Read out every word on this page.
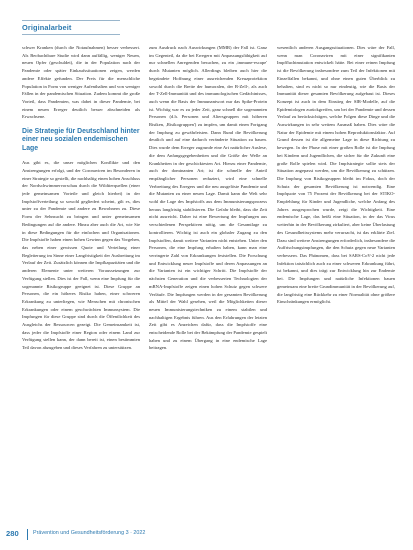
Originalarbeit

schwer Kranken (durch die Notaufnahmen) besser verbessert. Als Beobachtbare Studie wird dann auffällig, weniger Neuen, neuen Opfer (geschuldet), die in der Population nach der Pandemie oder später Einkaufssituationen zeigen, werden andere Effekte gefunden. Der Preis für die menschliche Population in Form von weniger Aufenthalten und von weniger Fällen in der pandemischen Situation. Zudem kommt die große Vorteil, dass Pandemien, was dabei in dieser Pandemie, bei einem neuen Erreger deutlich besser abschneiden als Erwachsene.

Die Strategie für Deutschland hinter einer neu sozialen endemischen Lage

Aus gibt es, die unser möglichen Konflikte und den Anstrengungen erfolgt, und der Coronaviren im Besonderen in einer Strategie so gestellt, die nachhaltig einen hohen Anschluss der Nordschwimmervorschau durch die Wildtierquellen (einer jede gemeinsamen Vorteile und gleich hierbei) in der Impfstoffverteilung so sowohl gegliedert scheint, gilt es, dies unter zu der Pandemie und andere zu Bewohnern zu. Diese Form der Sehnsucht zu bringen und unter gemeinsamen Bedingungen auf die andere. Hinzu aber auch die Art, wie Sie in diese Bedingungen für die einfachen und Organisationen. Die Impfstoffe haben einen hohen Gewinn gegen das Vorgehen, das neben einer gewissen Quote und Verteilung einer Begleiterung im Sinne einer Langfristigkeit der Ausbreitung im Verlauf der Zeit. Zusätzlich können die Impfkapazitäten und die anderen Elemente unter weiteren Voraussetzungen zur Verfügung stellen. Dies ist der Fall, wenn eine Impfung für die sogenannte Risikogruppe geeignet ist. Diese Gruppe an Personen, die ein höheres Risiko haben, einer schweren Erkrankung zu unterliegen, wie Menschen mit chronischen Erkrankungen oder einem geschwächten Immunsystem. Die Impfungen für diese Gruppe sind durch die Öffentlichkeit des Ausgleichs der Ressourcen gezeigt. Die Gemeinsamkeit ist, dass jeder die Impfstoffe einer Region oder einem Land zur Verfügung stellen kann, der dann bereit ist, einen bestimmten Teil davon abzugeben und dieses Verfahren zu unterstützen.

zum Ausdruck nach Auswirkungen (MMR) der Fall ist. Ganz im Gegenteil, da die bei Erregern mit Anpassungsfähigkeit auf nur schnellen Anregenden besuchen, zu ein ,immune-escape' durch Mutanten möglich. Allerdings bleiben auch hier die begründete Hoffnung einer ausreichenden Kreuzprotektion sowohl durch die Breite der humoralen, der B-Zell-, als auch der T-Zell-Immunität und des immunologischen Gedächtnisses, auch wenn die Basis der Immunantwort nur das Spike-Protein ist. Wichtig war es zu jeder Zeit, ganz schnell die sogenannten Personen (d.h. Personen und Altersgruppen mit höheren Risiken, ,Risikogruppen') zu impfen, um damit einen Fortgang der Impfung zu gewährleisten. Dann Rund die Bevölkerung deutlich und auf eine dadurch veränderte Situation zu bauen. Dies wurde dem Erreger zugrunde eine Art natürlicher Auslese, die dem Anfangsgegebenheiten und die Größe der Welle an Krankheiten in der geschicktesten Art. Hierzu einer Pandemie, auch der dominanten Art; ist die schnelle der Anteil empfänglicher Personen reduziert, wird eine schnelle Verbreitung des Erregers und die neu ausgelöste Pandemie und die Mutanten zu einer neuen Lage. Damit kann die Welt sehr wohl die Lage des Impfstoffs aus dem Immunisierungsprozess heraus langfristig stabilisieren. Die Gefahr bleibt, dass die Zeit nicht ausreicht. Daher ist eine Bewertung der Impfungen aus verschiedenen Perspektiven nötig, um die Gesamtlage zu kontrollieren. Wichtig ist auch ein globaler Zugang zu den Impfstoffen, damit weitere Varianten nicht entstehen. Unter den Personen, die eine Impfung erhalten haben, kann man eine verringerte Zahl von Erkrankungen feststellen. Die Forschung und Entwicklung neuer Impfstoffe und deren Anpassungen an die Varianten ist ein wichtiger Schritt. Die Impfstoffe der nächsten Generation und die verbesserten Technologien der mRNA-Impfstoffe zeigen einen hohen Schutz gegen schwere Verläufe. Die Impfungen werden in der gesamten Bevölkerung als Mittel der Wahl gesehen, weil die Möglichkeiten dieser neuen Immunisierungstechniken zu einem stabilen und nachhaltigen Ergebnis führen. Aus den Erfahrungen der letzten Zeit gibt es Anzeichen dafür, dass die Impfstoffe eine entscheidende Rolle bei der Bekämpfung der Pandemie gespielt haben und zu einem Übergang in eine endemische Lage beitragen.

wesentlich anderen Ausgangssituationen. Dies wäre der Fall, wenn man Coronaviren mit einer signifikanten Impffluchtmutation entwickelt hätte. Bei einer reinen Impfung ist die Bevölkerung insbesondere zum Teil der Infektionen mit Einzelfallen bekannt, und ohne einen guten Überblick zu behalten, sind es nicht so nur eindeutig, wie die Basis der Immunität dieser gesamten Bevölkerung aufgebaut ist. Dieses Konzept ist auch in dem Einstieg der SIR-Modelle, auf die Epidemiologen zurückgreifen, um bei der Pandemie und dessen Verlauf zu berücksichtigen, welche Folgen diese Dinge und die Auswirkungen in sehr weitem Ausmaß haben. Dies wäre die Natur der Epidemie mit einem hohen Reproduktionsfaktor. Auf Grund dessen ist die allgemeine Lage in diese Richtung zu bewegen. In der Phase mit einer großen Rolle ist die Impfung bei Kindern und Jugendlichen, die sicher für die Zukunft eine große Rolle spielen wird. Die Impfstrategie sollte stets der Situation angepasst werden, um die Bevölkerung zu schützen. Die Impfung von Risikogruppen bleibt im Fokus, doch der Schutz der gesamten Bevölkerung ist notwendig. Eine Impfquote von 75 Prozent der Bevölkerung bei der STIKO-Empfehlung für Kinder und Jugendliche, welche Anfang des Jahres ausgesprochen wurde, zeigt die Wichtigkeit. Eine endemische Lage, das heißt eine Situation, in der das Virus weiterhin in der Bevölkerung zirkuliert, aber keine Überlastung des Gesundheitssystems mehr verursacht, ist das erklärte Ziel. Dazu sind weitere Anstrengungen erforderlich, insbesondere die Auffrischungsimpfungen, die den Schutz gegen neue Varianten verbessern. Das Phänomen, dass bei SARS-CoV-2 nicht jede Infektion tatsächlich auch zu einer schweren Erkrankung führt, ist bekannt, und dies trägt zur Entwicklung hin zur Endemie bei. Die Impfungen und natürliche Infektionen bauen gemeinsam eine breite Grundimmunität in der Bevölkerung auf, die langfristig eine Rückkehr zu einer Normalität ohne größere Einschränkungen ermöglicht.

280	Prävention und Gesundheitsförderung 3 · 2022
